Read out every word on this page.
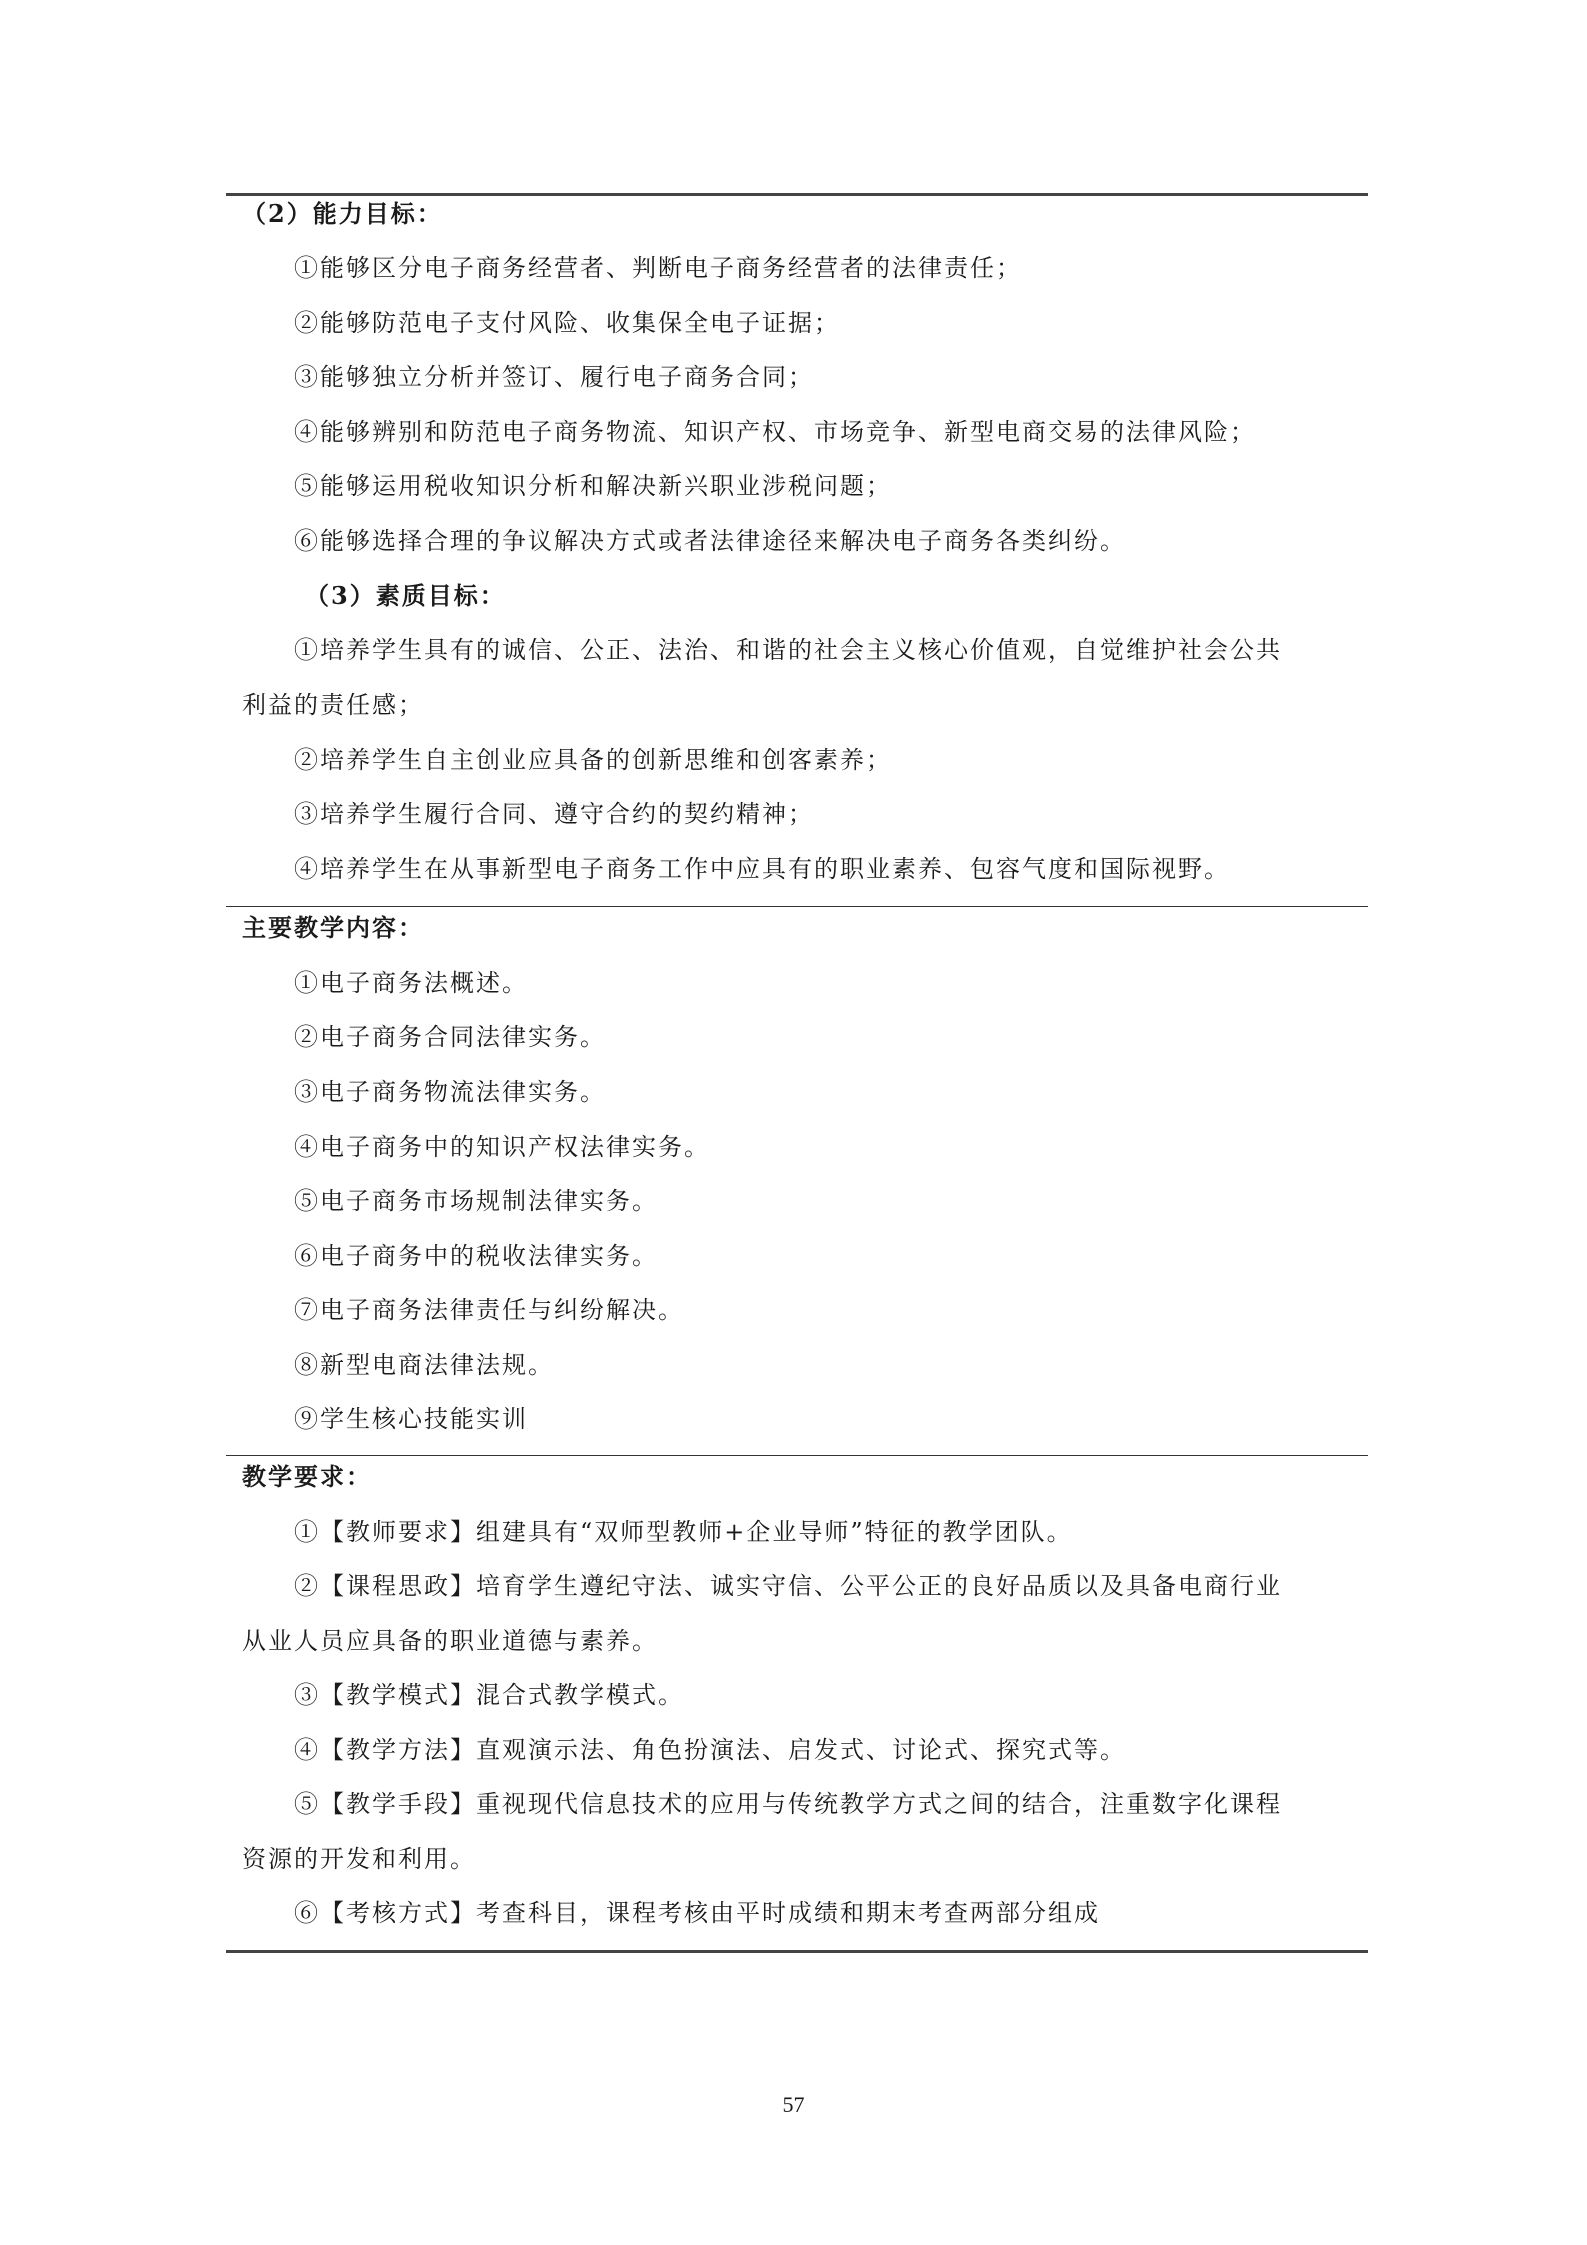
（2）能力目标：
①能够区分电子商务经营者、判断电子商务经营者的法律责任；
②能够防范电子支付风险、收集保全电子证据；
③能够独立分析并签订、履行电子商务合同；
④能够辨别和防范电子商务物流、知识产权、市场竞争、新型电商交易的法律风险；
⑤能够运用税收知识分析和解决新兴职业涉税问题；
⑥能够选择合理的争议解决方式或者法律途径来解决电子商务各类纠纷。
（3）素质目标：
①培养学生具有的诚信、公正、法治、和谐的社会主义核心价值观，自觉维护社会公共
利益的责任感；
②培养学生自主创业应具备的创新思维和创客素养；
③培养学生履行合同、遵守合约的契约精神；
④培养学生在从事新型电子商务工作中应具有的职业素养、包容气度和国际视野。
主要教学内容：
①电子商务法概述。
②电子商务合同法律实务。
③电子商务物流法律实务。
④电子商务中的知识产权法律实务。
⑤电子商务市场规制法律实务。
⑥电子商务中的税收法律实务。
⑦电子商务法律责任与纠纷解决。
⑧新型电商法律法规。
⑨学生核心技能实训
教学要求：
①【教师要求】组建具有“双师型教师+企业导师”特征的教学团队。
②【课程思政】培育学生遵纪守法、诚实守信、公平公正的良好品质以及具备电商行业
从业人员应具备的职业道德与素养。
③【教学模式】混合式教学模式。
④【教学方法】直观演示法、角色扮演法、启发式、讨论式、探究式等。
⑤【教学手段】重视现代信息技术的应用与传统教学方式之间的结合，注重数字化课程
资源的开发和利用。
⑥【考核方式】考查科目，课程考核由平时成绩和期末考查两部分组成
57
